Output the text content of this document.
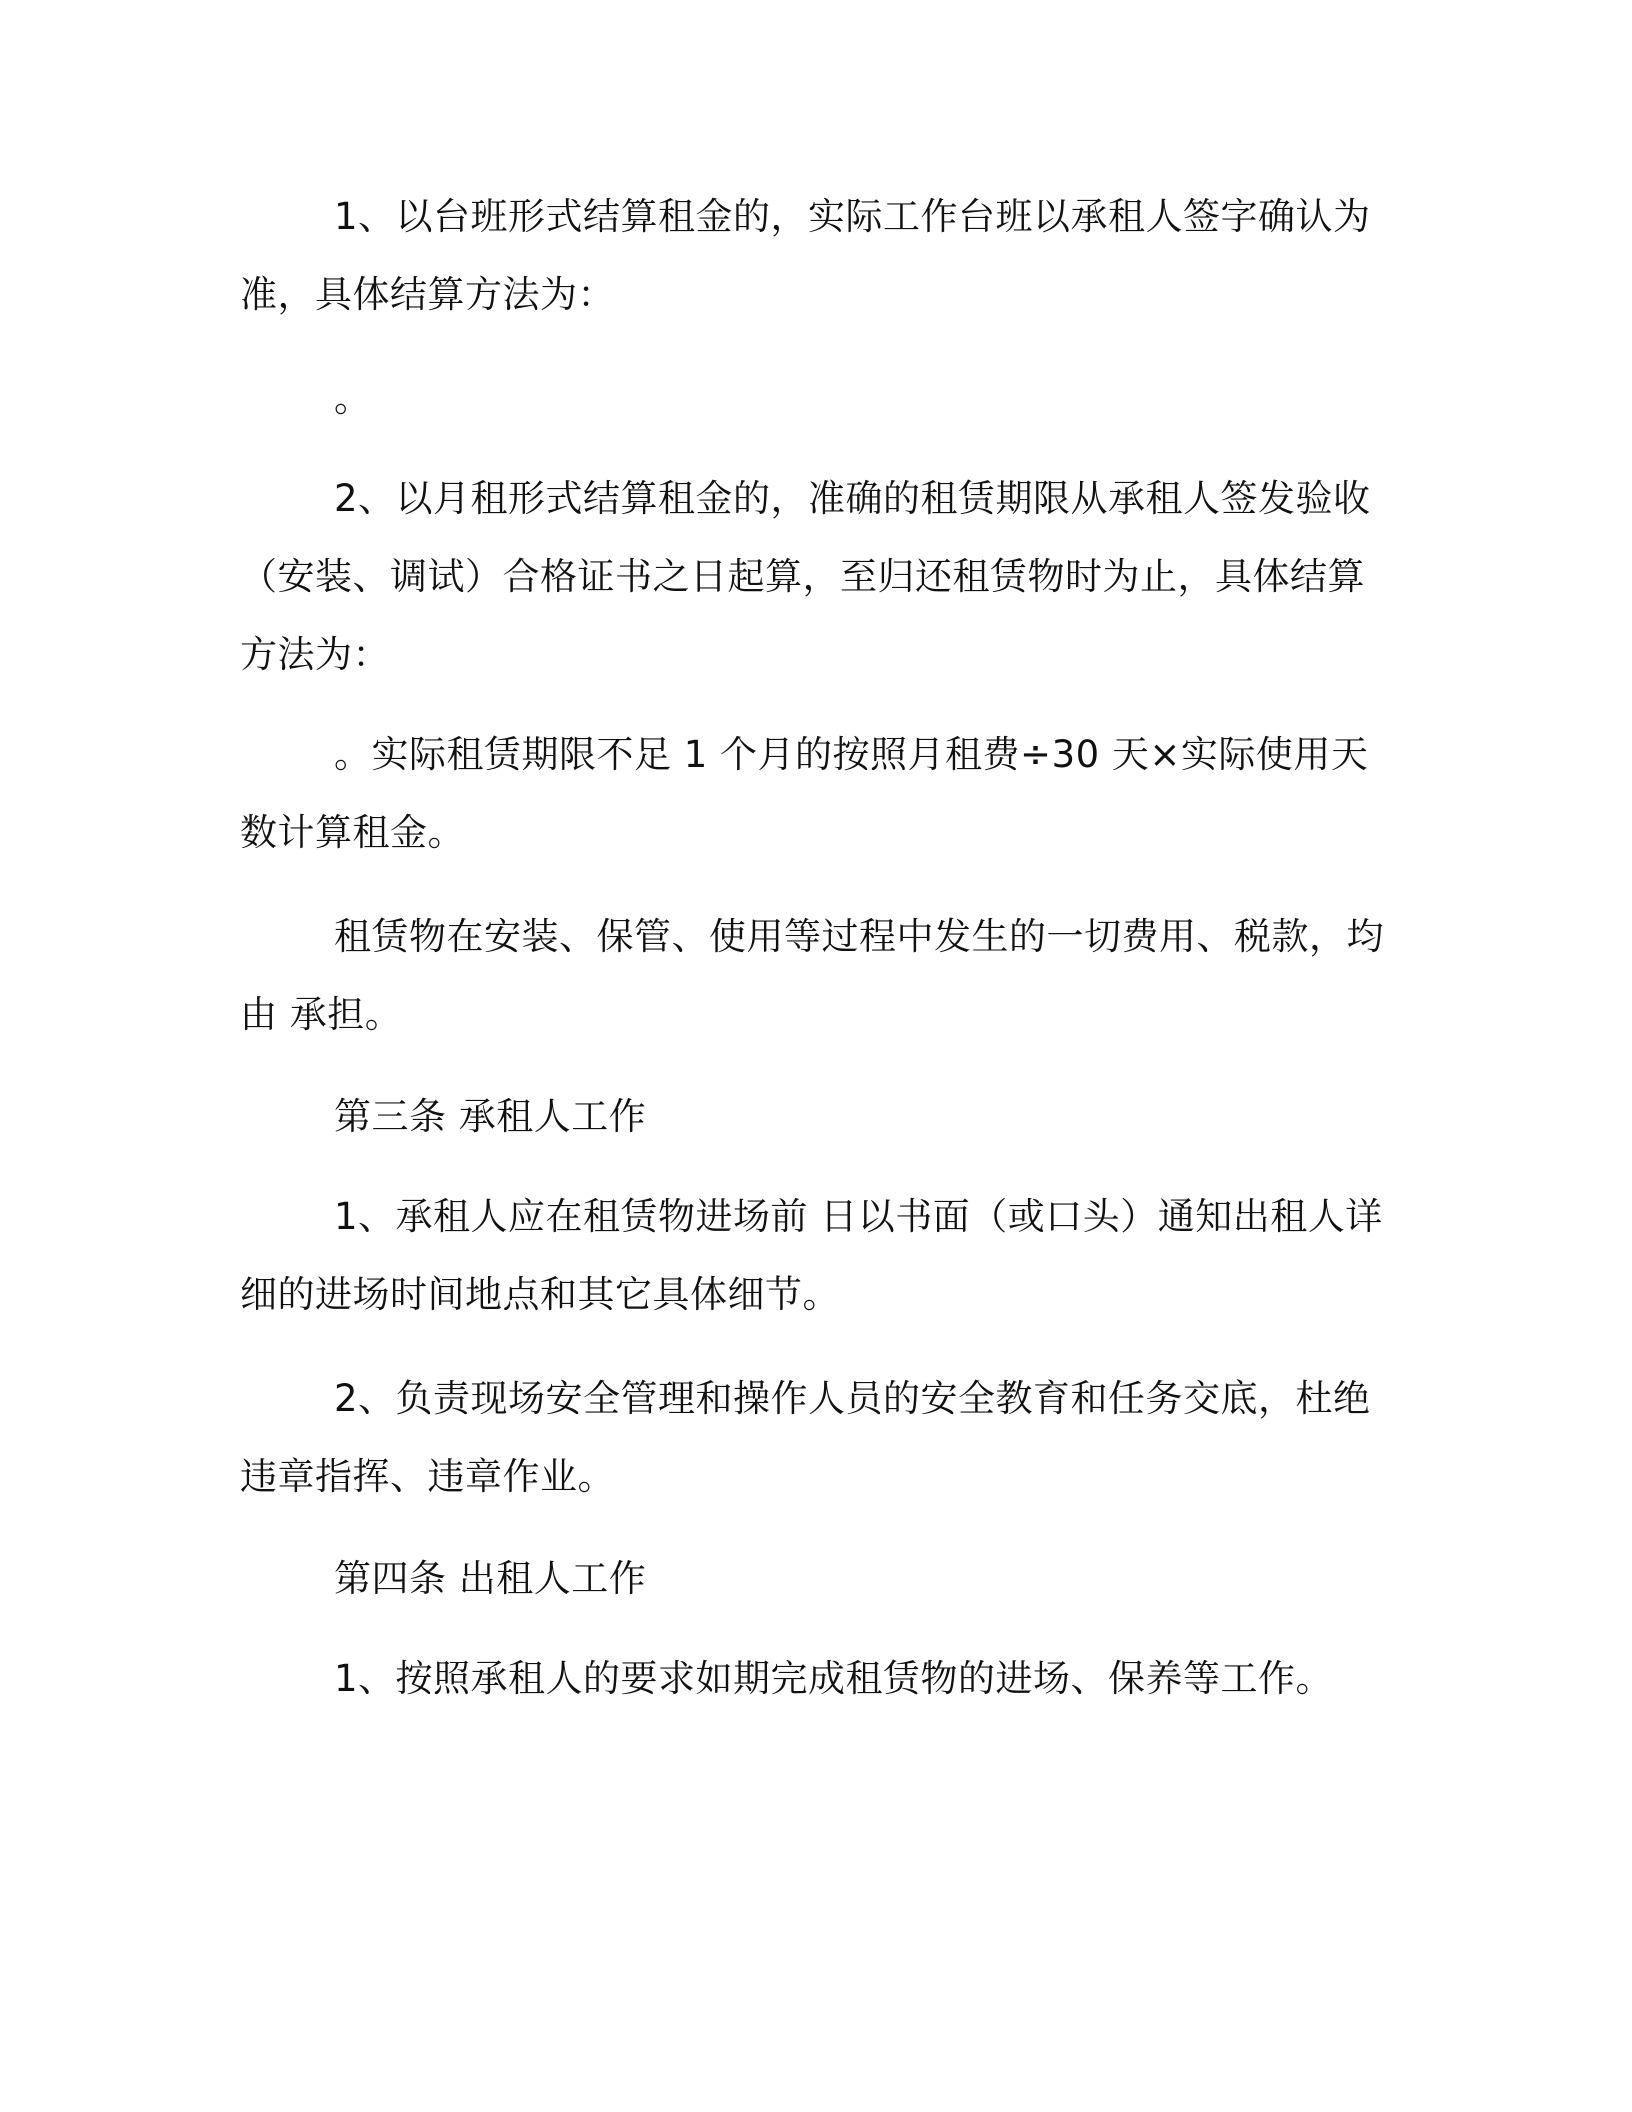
1、以台班形式结算租金的，实际工作台班以承租人签字确认为准，具体结算方法为：

。

2、以月租形式结算租金的，准确的租赁期限从承租人签发验收（安装、调试）合格证书之日起算，至归还租赁物时为止，具体结算方法为：

。实际租赁期限不足 1 个月的按照月租费÷30 天×实际使用天数计算租金。

租赁物在安装、保管、使用等过程中发生的一切费用、税款，均由 承担。

第三条 承租人工作

1、承租人应在租赁物进场前 日以书面（或口头）通知出租人详细的进场时间地点和其它具体细节。

2、负责现场安全管理和操作人员的安全教育和任务交底，杜绝违章指挥、违章作业。

第四条 出租人工作

1、按照承租人的要求如期完成租赁物的进场、保养等工作。
